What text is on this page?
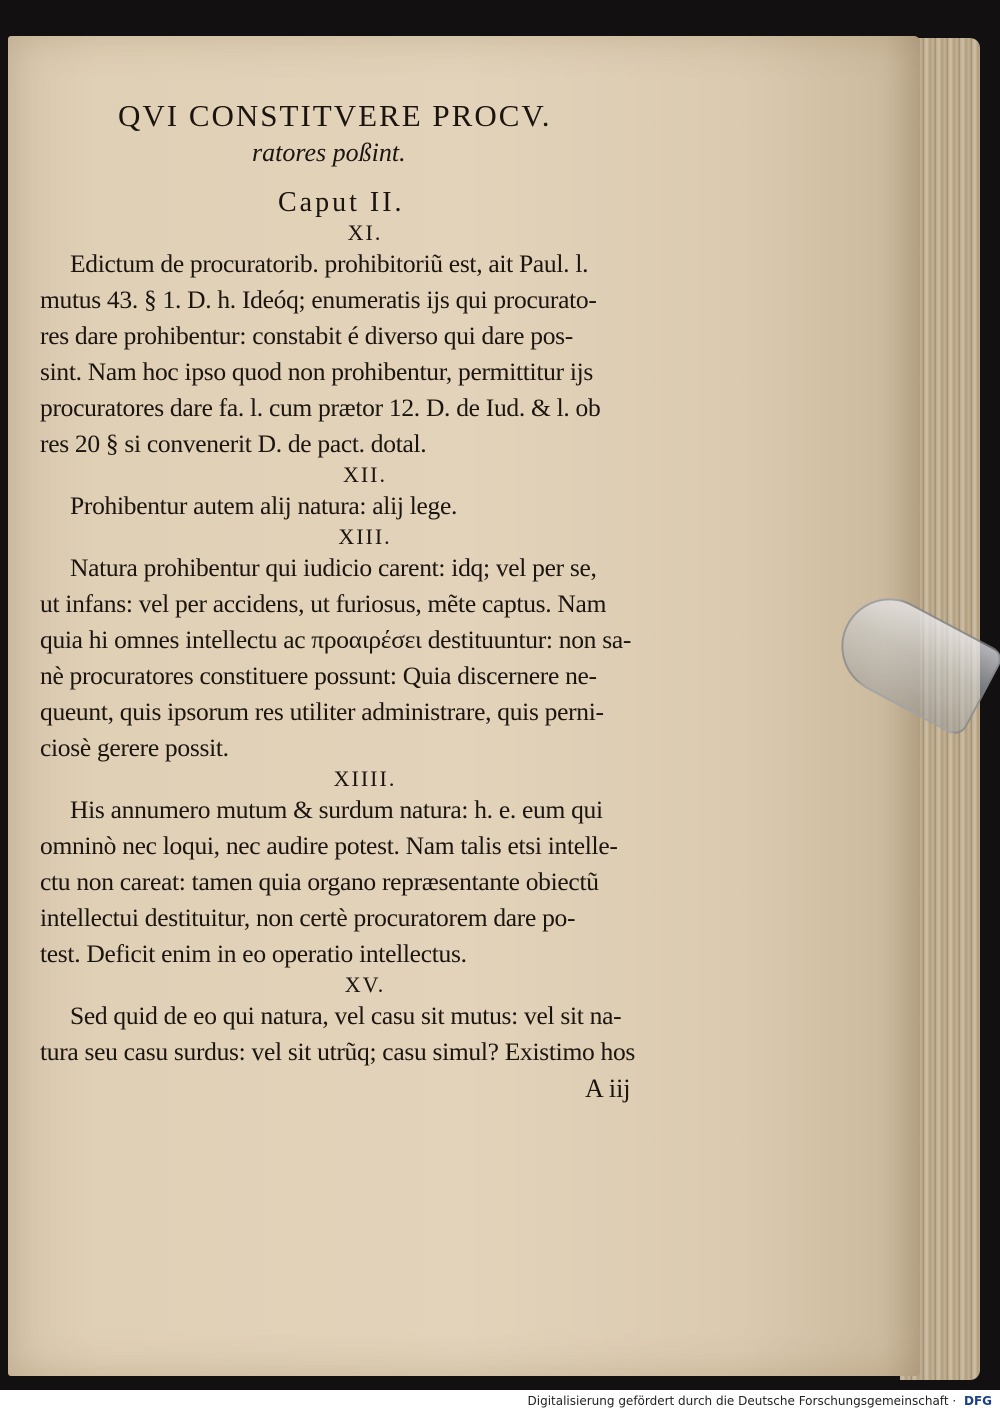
QVI CONSTITVERE PROCV.
ratores poßint.
Caput II.
XI.
Edictum de procuratorib. prohibitoriũ est, ait Paul. l.
mutus 43. § 1. D. h. Ideóq; enumeratis ijs qui procurato-
res dare prohibentur: constabit é diverso qui dare pos-
sint. Nam hoc ipso quod non prohibentur, permittitur ijs
procuratores dare fa. l. cum prætor 12. D. de Iud. & l. ob
res 20 § si convenerit D. de pact. dotal.
XII.
Prohibentur autem alij natura: alij lege.
XIII.
Natura prohibentur qui iudicio carent: idq; vel per se,
ut infans: vel per accidens, ut furiosus, mẽte captus. Nam
quia hi omnes intellectu ac προαιρέσει destituuntur: non sa-
nè procuratores constituere possunt: Quia discernere ne-
queunt, quis ipsorum res utiliter administrare, quis perni-
ciosè gerere possit.
XIIII.
His annumero mutum & surdum natura: h. e. eum qui
omninò nec loqui, nec audire potest. Nam talis etsi intelle-
ctu non careat: tamen quia organo repræsentante obiectũ
intellectui destituitur, non certè procuratorem dare po-
test. Deficit enim in eo operatio intellectus.
XV.
Sed quid de eo qui natura, vel casu sit mutus: vel sit na-
tura seu casu surdus: vel sit utrũq; casu simul? Existimo hos
A iij
Digitalisierung gefördert durch die Deutsche Forschungsgemeinschaft · DFG
